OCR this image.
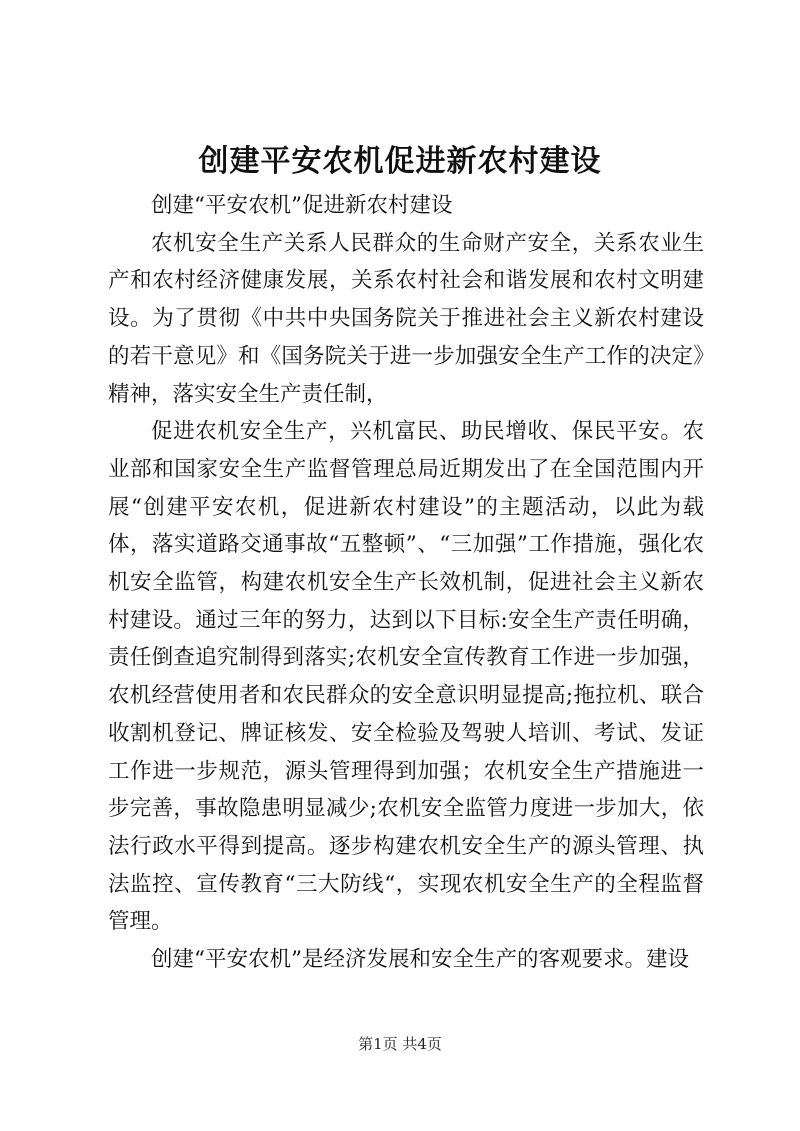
创建平安农机促进新农村建设

创建“平安农机”促进新农村建设

农机安全生产关系人民群众的生命财产安全，关系农业生产和农村经济健康发展，关系农村社会和谐发展和农村文明建设。为了贯彻《中共中央国务院关于推进社会主义新农村建设的若干意见》和《国务院关于进一步加强安全生产工作的决定》精神，落实安全生产责任制，

促进农机安全生产，兴机富民、助民增收、保民平安。农业部和国家安全生产监督管理总局近期发出了在全国范围内开展“创建平安农机，促进新农村建设”的主题活动，以此为载体，落实道路交通事故“五整顿”、“三加强”工作措施，强化农机安全监管，构建农机安全生产长效机制，促进社会主义新农村建设。通过三年的努力，达到以下目标:安全生产责任明确，责任倒查追究制得到落实;农机安全宣传教育工作进一步加强，农机经营使用者和农民群众的安全意识明显提高;拖拉机、联合收割机登记、牌证核发、安全检验及驾驶人培训、考试、发证工作进一步规范，源头管理得到加强；农机安全生产措施进一步完善，事故隐患明显减少;农机安全监管力度进一步加大，依法行政水平得到提高。逐步构建农机安全生产的源头管理、执法监控、宣传教育“三大防线“，实现农机安全生产的全程监督管理。

创建“平安农机”是经济发展和安全生产的客观要求。建设

第1页 共4页
